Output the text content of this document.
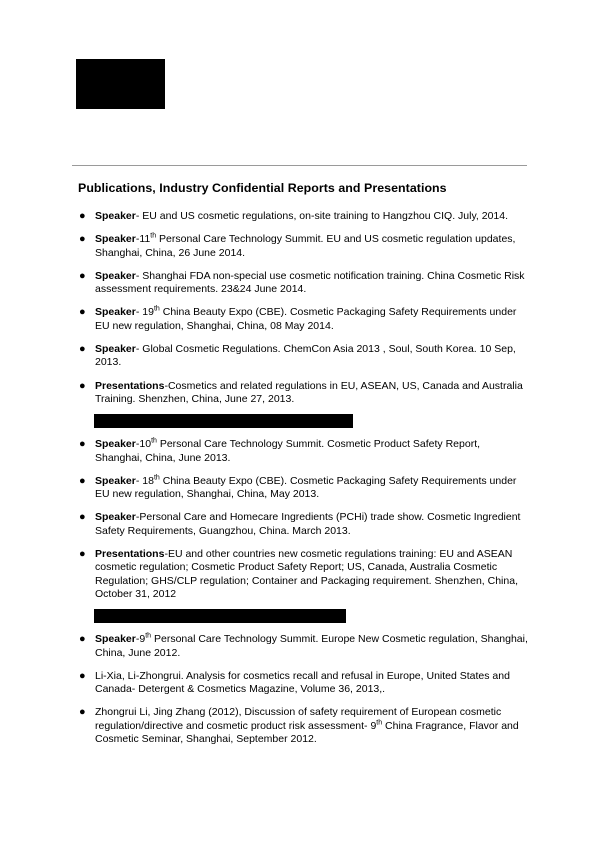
Publications, Industry Confidential Reports and Presentations
● Speaker- EU and US cosmetic regulations, on-site training to Hangzhou CIQ. July, 2014.
● Speaker-11th Personal Care Technology Summit. EU and US cosmetic regulation updates, Shanghai, China, 26 June 2014.
● Speaker- Shanghai FDA non-special use cosmetic notification training. China Cosmetic Risk assessment requirements. 23&24 June 2014.
● Speaker- 19th China Beauty Expo (CBE). Cosmetic Packaging Safety Requirements under EU new regulation, Shanghai, China, 08 May 2014.
● Speaker- Global Cosmetic Regulations. ChemCon Asia 2013 , Soul, South Korea. 10 Sep, 2013.
● Presentations-Cosmetics and related regulations in EU, ASEAN, US, Canada and Australia Training. Shenzhen, China, June 27, 2013.
● Speaker-10th Personal Care Technology Summit. Cosmetic Product Safety Report, Shanghai, China, June 2013.
● Speaker- 18th China Beauty Expo (CBE). Cosmetic Packaging Safety Requirements under EU new regulation, Shanghai, China, May 2013.
● Speaker-Personal Care and Homecare Ingredients (PCHi) trade show. Cosmetic Ingredient Safety Requirements, Guangzhou, China. March 2013.
● Presentations-EU and other countries new cosmetic regulations training: EU and ASEAN cosmetic regulation; Cosmetic Product Safety Report; US, Canada, Australia Cosmetic Regulation; GHS/CLP regulation; Container and Packaging requirement. Shenzhen, China, October 31, 2012
● Speaker-9th Personal Care Technology Summit. Europe New Cosmetic regulation, Shanghai, China, June 2012.
● Li-Xia, Li-Zhongrui. Analysis for cosmetics recall and refusal in Europe, United States and Canada- Detergent & Cosmetics Magazine, Volume 36, 2013,.
● Zhongrui Li, Jing Zhang (2012), Discussion of safety requirement of European cosmetic regulation/directive and cosmetic product risk assessment- 9th China Fragrance, Flavor and Cosmetic Seminar, Shanghai, September 2012.
